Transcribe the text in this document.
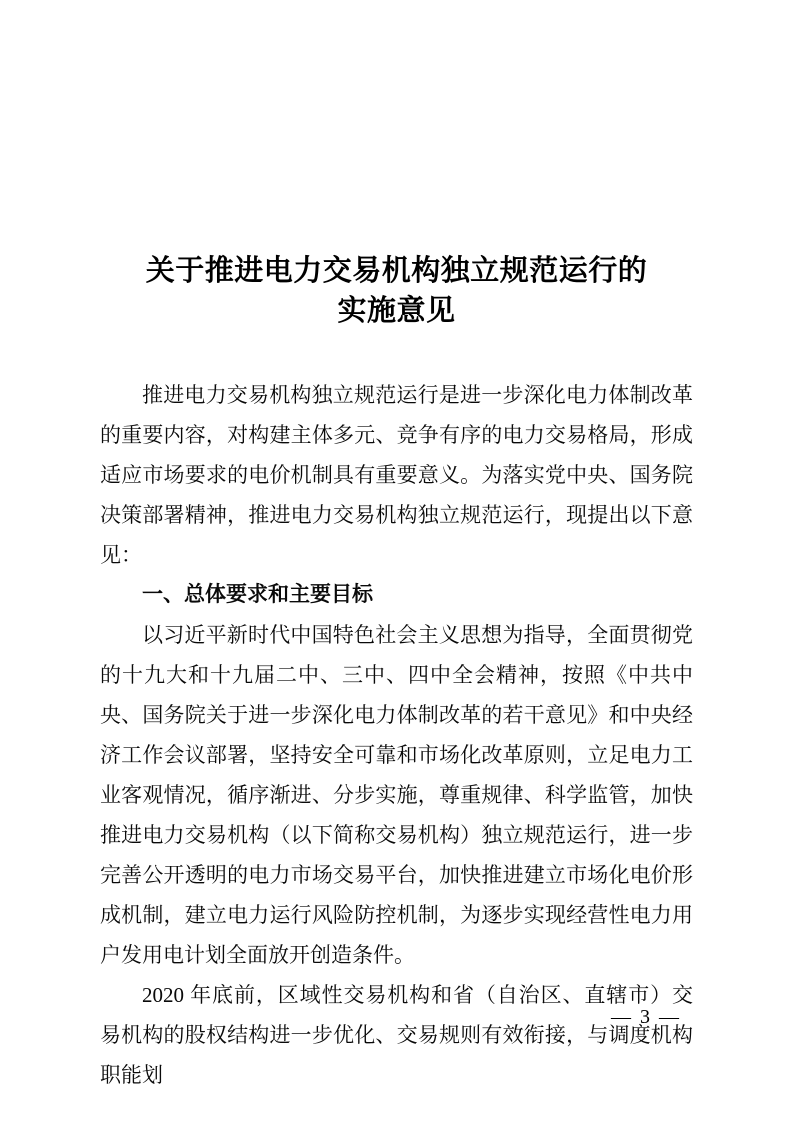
关于推进电力交易机构独立规范运行的
实施意见

推进电力交易机构独立规范运行是进一步深化电力体制改革的重要内容，对构建主体多元、竞争有序的电力交易格局，形成适应市场要求的电价机制具有重要意义。为落实党中央、国务院决策部署精神，推进电力交易机构独立规范运行，现提出以下意见：

一、总体要求和主要目标

以习近平新时代中国特色社会主义思想为指导，全面贯彻党的十九大和十九届二中、三中、四中全会精神，按照《中共中央、国务院关于进一步深化电力体制改革的若干意见》和中央经济工作会议部署，坚持安全可靠和市场化改革原则，立足电力工业客观情况，循序渐进、分步实施，尊重规律、科学监管，加快推进电力交易机构（以下简称交易机构）独立规范运行，进一步完善公开透明的电力市场交易平台，加快推进建立市场化电价形成机制，建立电力运行风险防控机制，为逐步实现经营性电力用户发用电计划全面放开创造条件。

2020 年底前，区域性交易机构和省（自治区、直辖市）交易机构的股权结构进一步优化、交易规则有效衔接，与调度机构职能划

— 3 —
